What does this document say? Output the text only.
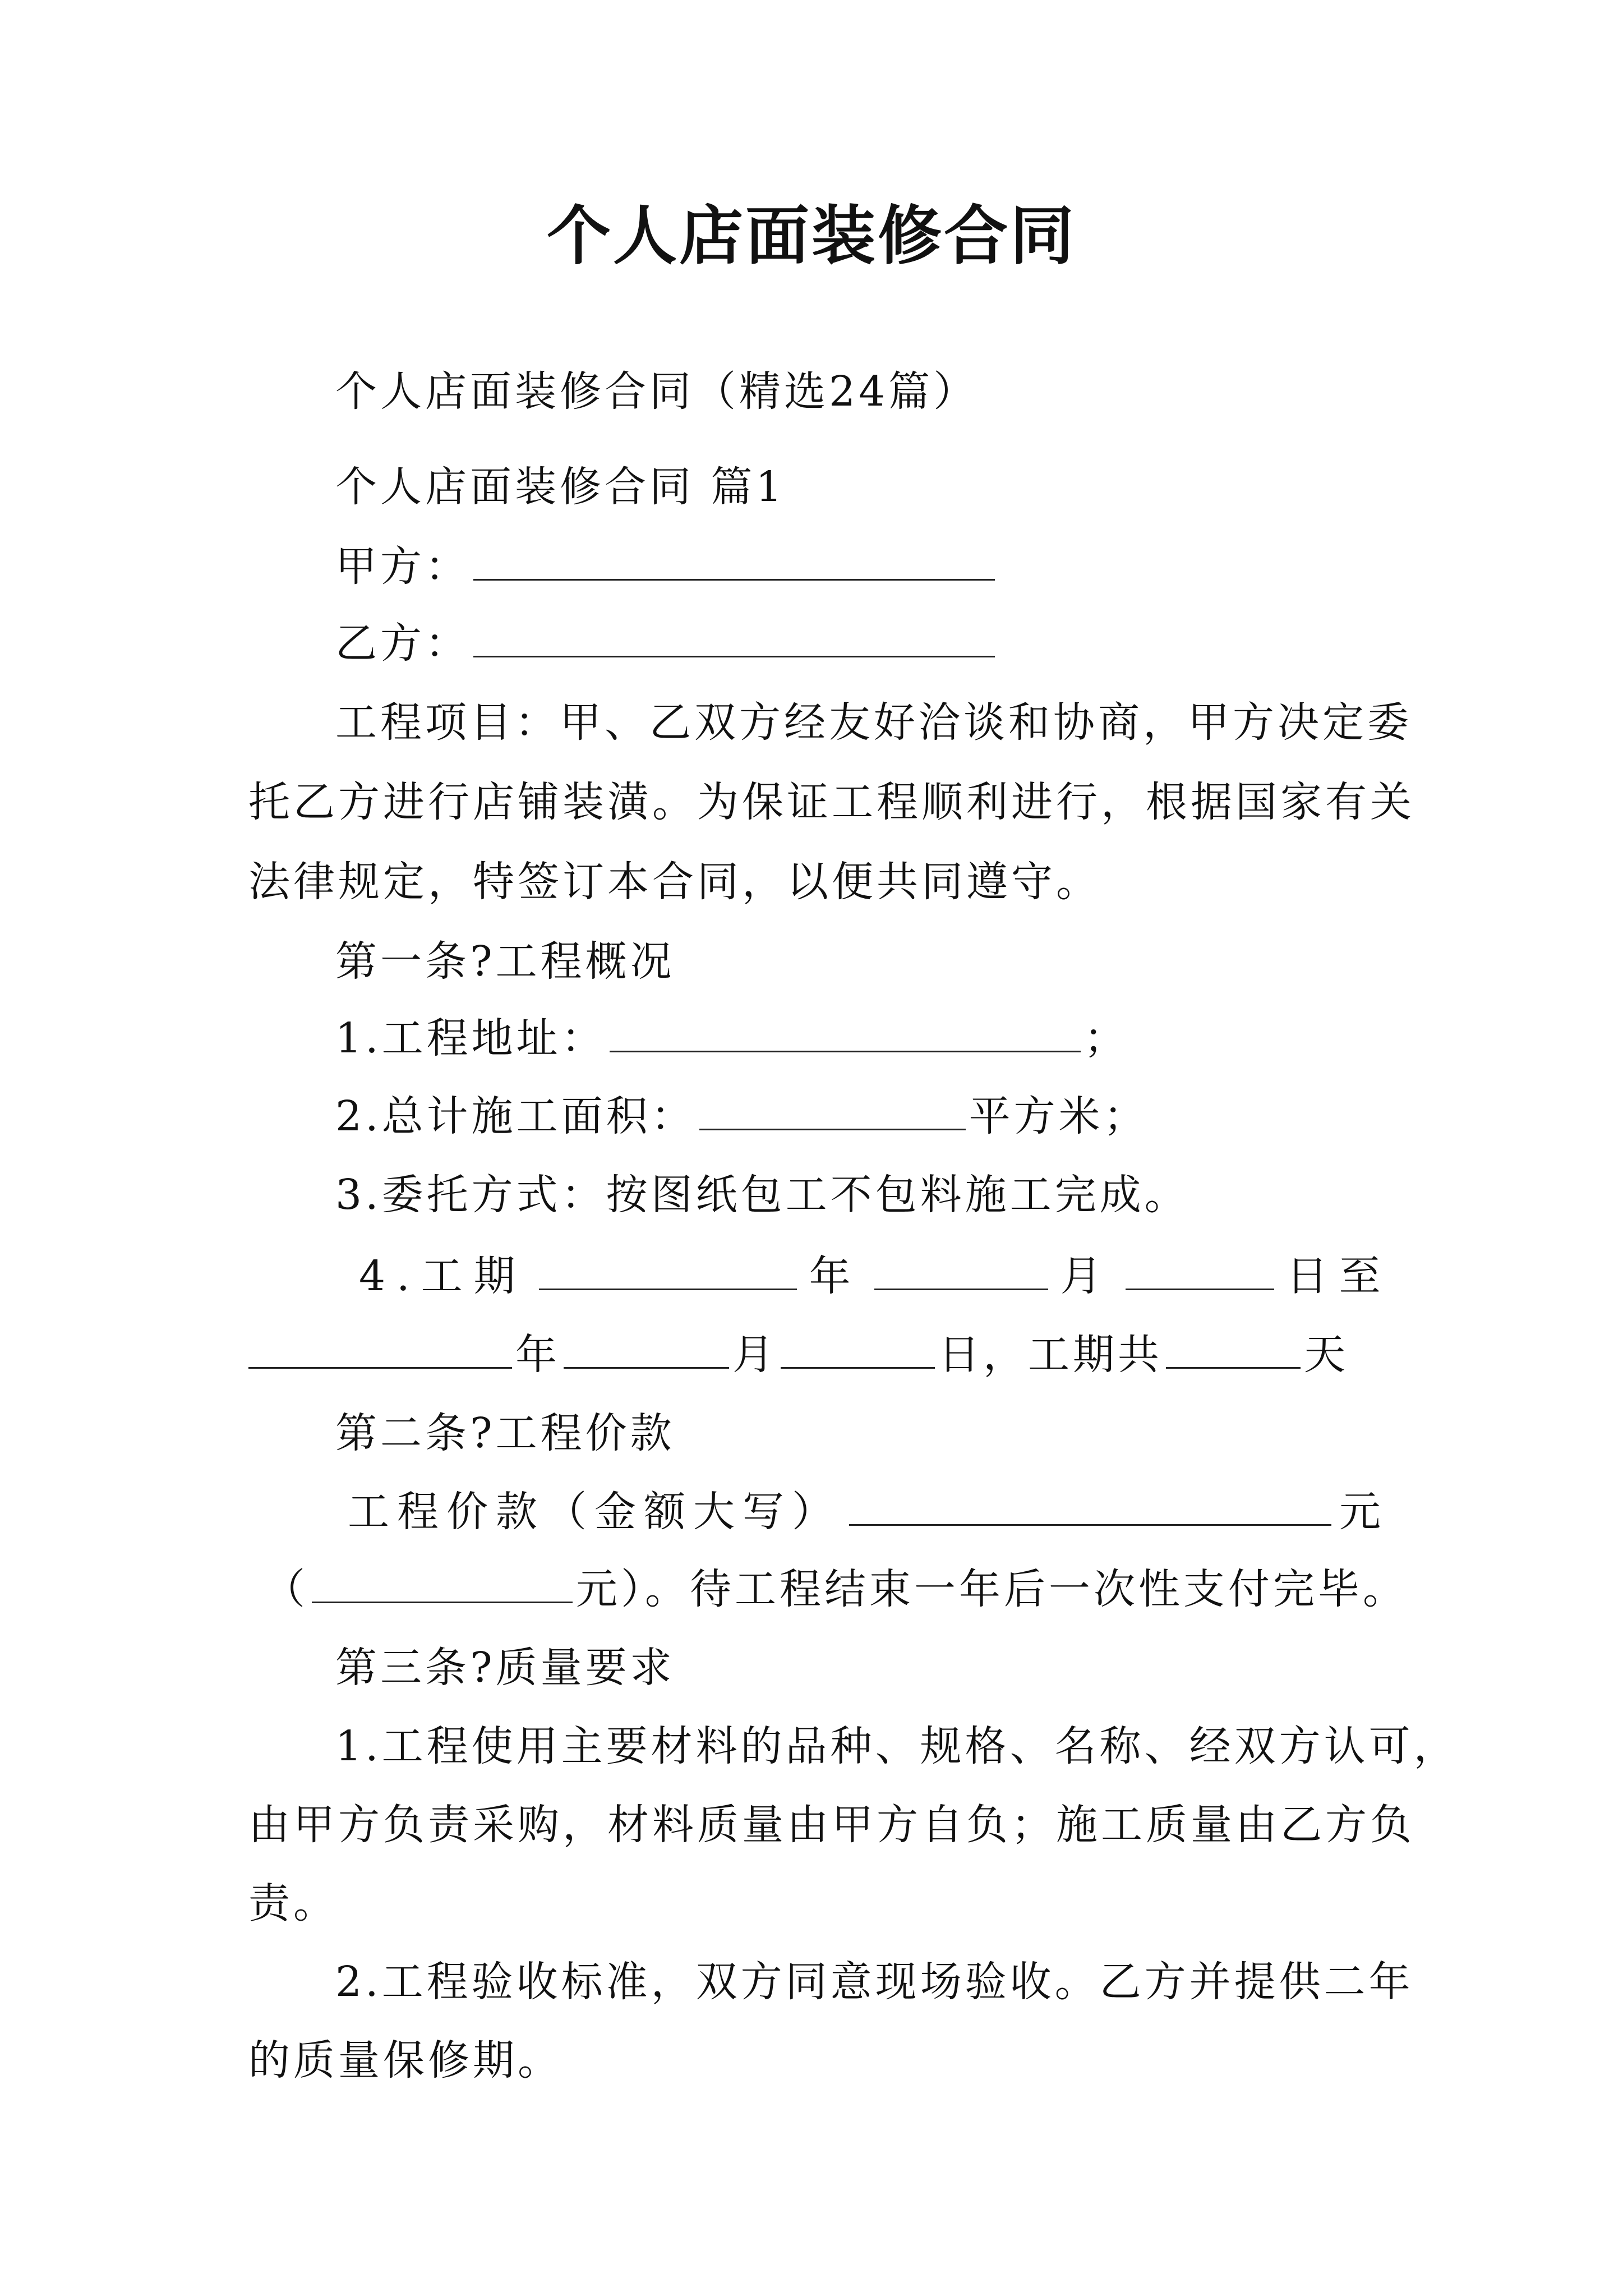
个人店面装修合同
个人店面装修合同（精选24篇）
个人店面装修合同 篇1
甲方：
乙方：
工程项目：甲、乙双方经友好洽谈和协商，甲方决定委
托乙方进行店铺装潢。为保证工程顺利进行，根据国家有关
法律规定，特签订本合同，以便共同遵守。
第一条?工程概况
1.工程地址：	；
2.总计施工面积：	平方米；
3.委托方式：按图纸包工不包料施工完成。
4.工期	年	月	日至
年	月	日，工期共	天
第二条?工程价款
工程价款（金额大写）	元
（	元）。待工程结束一年后一次性支付完毕。
第三条?质量要求
1.工程使用主要材料的品种、规格、名称、经双方认可，
由甲方负责采购，材料质量由甲方自负；施工质量由乙方负
责。
2.工程验收标准，双方同意现场验收。乙方并提供二年
的质量保修期。
